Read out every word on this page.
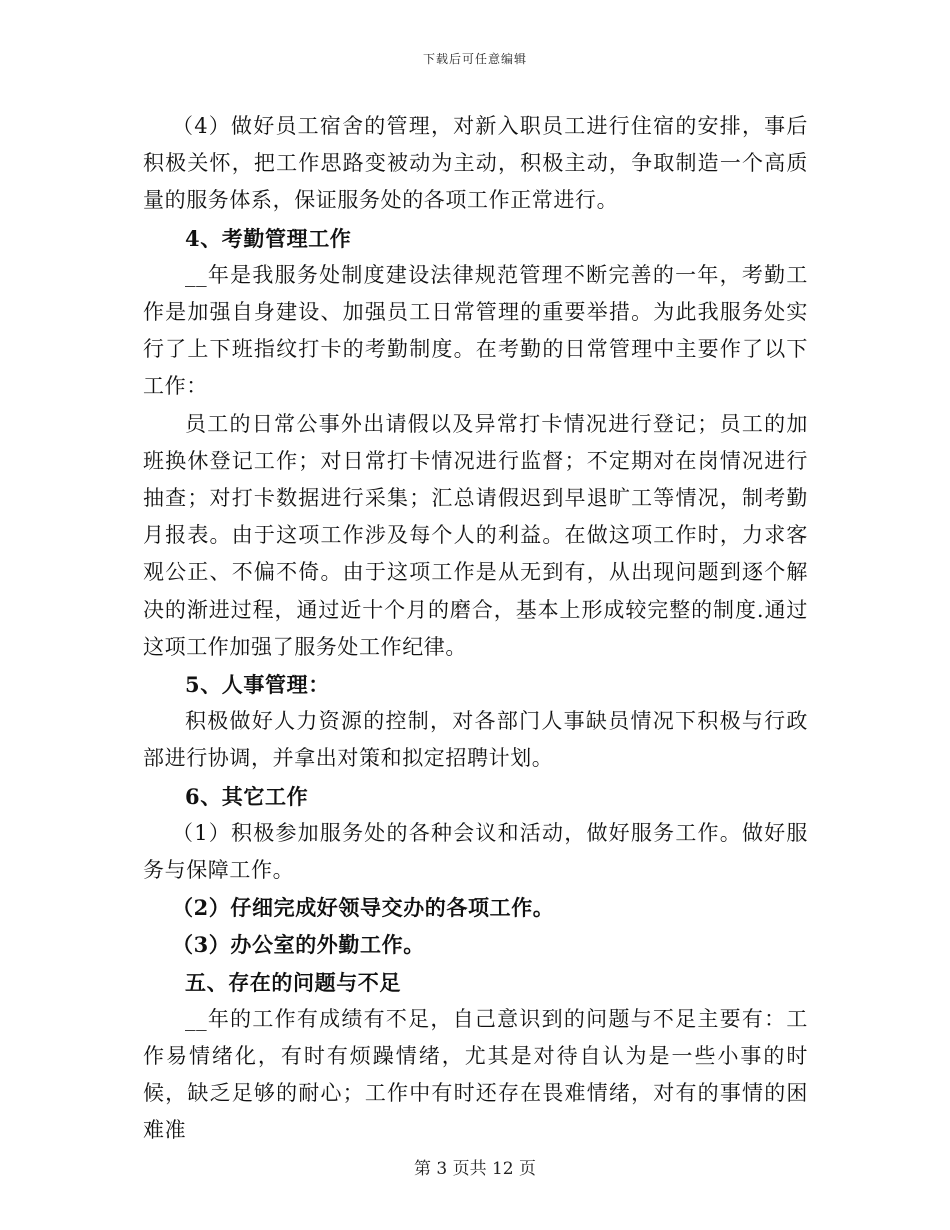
下载后可任意编辑

（4）做好员工宿舍的管理，对新入职员工进行住宿的安排，事后积极关怀，把工作思路变被动为主动，积极主动，争取制造一个高质量的服务体系，保证服务处的各项工作正常进行。

4、考勤管理工作

__年是我服务处制度建设法律规范管理不断完善的一年，考勤工作是加强自身建设、加强员工日常管理的重要举措。为此我服务处实行了上下班指纹打卡的考勤制度。在考勤的日常管理中主要作了以下工作：

员工的日常公事外出请假以及异常打卡情况进行登记；员工的加班换休登记工作；对日常打卡情况进行监督；不定期对在岗情况进行抽查；对打卡数据进行采集；汇总请假迟到早退旷工等情况，制考勤月报表。由于这项工作涉及每个人的利益。在做这项工作时，力求客观公正、不偏不倚。由于这项工作是从无到有，从出现问题到逐个解决的渐进过程，通过近十个月的磨合，基本上形成较完整的制度.通过这项工作加强了服务处工作纪律。

5、人事管理：

积极做好人力资源的控制，对各部门人事缺员情况下积极与行政部进行协调，并拿出对策和拟定招聘计划。

6、其它工作

（1）积极参加服务处的各种会议和活动，做好服务工作。做好服务与保障工作。

（2）仔细完成好领导交办的各项工作。

（3）办公室的外勤工作。

五、存在的问题与不足

__年的工作有成绩有不足，自己意识到的问题与不足主要有：工作易情绪化，有时有烦躁情绪，尤其是对待自认为是一些小事的时候，缺乏足够的耐心；工作中有时还存在畏难情绪，对有的事情的困难准

第 3 页共 12 页
